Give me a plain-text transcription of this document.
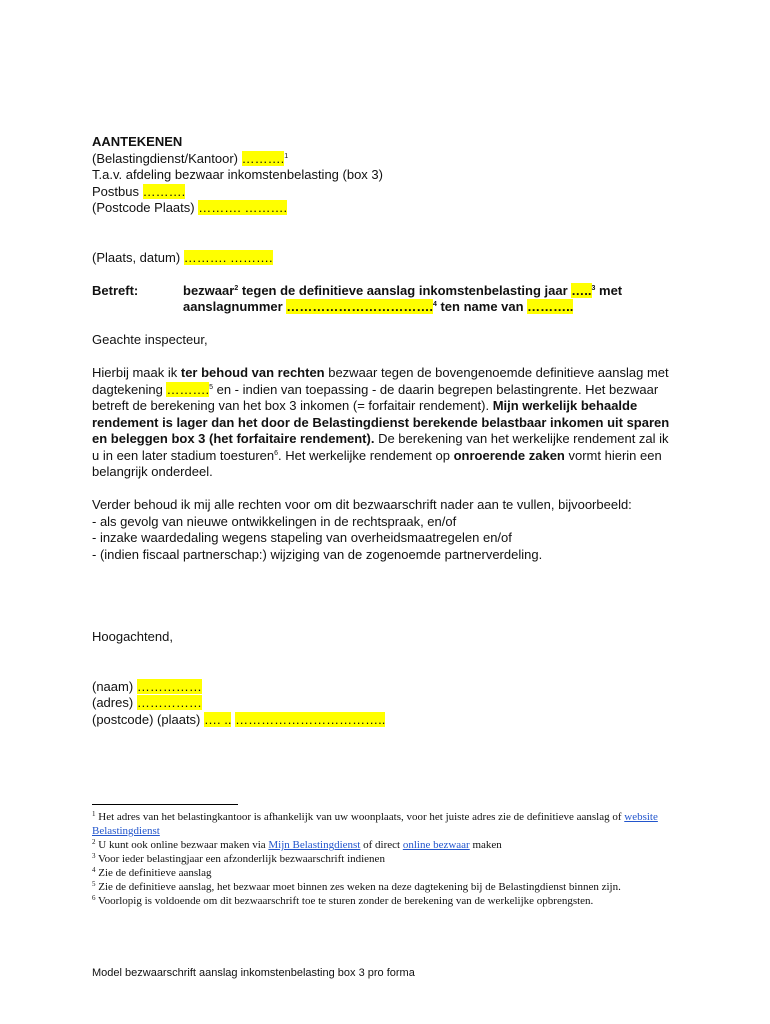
AANTEKENEN
(Belastingdienst/Kantoor) ……….$^1$
T.a.v. afdeling bezwaar inkomstenbelasting (box 3)
Postbus ……….
(Postcode Plaats) ………. ……….
(Plaats, datum) ………. ……….
Betreft:	bezwaar$^2$ tegen de definitieve aanslag inkomstenbelasting jaar …..$^3$ met
aanslagnummer …………………………….$^4$ ten name van ………..
Geachte inspecteur,
Hierbij maak ik ter behoud van rechten bezwaar tegen de bovengenoemde definitieve aanslag met dagtekening ……….$^5$ en - indien van toepassing - de daarin begrepen belastingrente. Het bezwaar betreft de berekening van het box 3 inkomen (= forfaitair rendement). Mijn werkelijk behaalde rendement is lager dan het door de Belastingdienst berekende belastbaar inkomen uit sparen en beleggen box 3 (het forfaitaire rendement). De berekening van het werkelijke rendement zal ik u in een later stadium toesturen$^6$. Het werkelijke rendement op onroerende zaken vormt hierin een belangrijk onderdeel.
Verder behoud ik mij alle rechten voor om dit bezwaarschrift nader aan te vullen, bijvoorbeeld:
- als gevolg van nieuwe ontwikkelingen in de rechtspraak, en/of
- inzake waardedaling wegens stapeling van overheidsmaatregelen en/of
- (indien fiscaal partnerschap:) wijziging van de zogenoemde partnerverdeling.
Hoogachtend,
(naam) ……………
(adres) ……………
(postcode) (plaats) …. .. ……………………………..
$^1$ Het adres van het belastingkantoor is afhankelijk van uw woonplaats, voor het juiste adres zie de definitieve aanslag of website Belastingdienst
$^2$ U kunt ook online bezwaar maken via Mijn Belastingdienst of direct online bezwaar maken
$^3$ Voor ieder belastingjaar een afzonderlijk bezwaarschrift indienen
$^4$ Zie de definitieve aanslag
$^5$ Zie de definitieve aanslag, het bezwaar moet binnen zes weken na deze dagtekening bij de Belastingdienst binnen zijn.
$^6$ Voorlopig is voldoende om dit bezwaarschrift toe te sturen zonder de berekening van de werkelijke opbrengsten.
Model bezwaarschrift aanslag inkomstenbelasting box 3 pro forma
